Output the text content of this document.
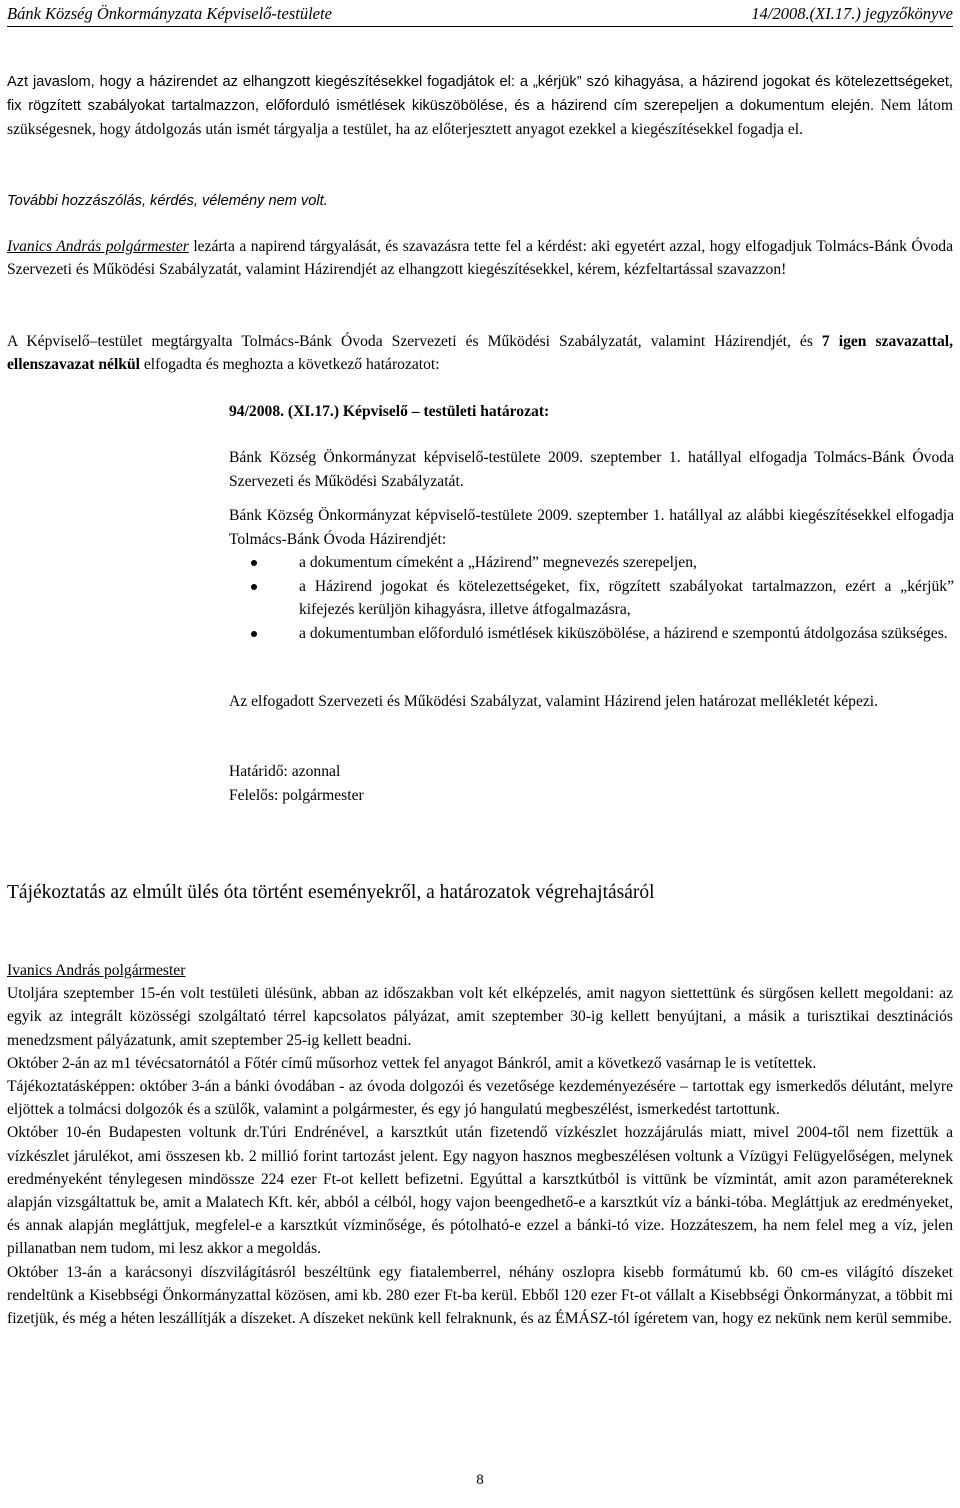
Bánk Község Önkormányzata Képviselő-testülete	14/2008.(XI.17.) jegyzőkönyve
Azt javaslom, hogy a házirendet az elhangzott kiegészítésekkel fogadjátok el: a „kérjük” szó kihagyása, a házirend jogokat és kötelezettségeket, fix rögzített szabályokat tartalmazzon, előforduló ismétlések kiküszöbölése, és a házirend cím szerepeljen a dokumentum elején. Nem látom szükségesnek, hogy átdolgozás után ismét tárgyalja a testület, ha az előterjesztett anyagot ezekkel a kiegészítésekkel fogadja el.
További hozzászólás, kérdés, vélemény nem volt.
Ivanics András polgármester lezárta a napirend tárgyalását, és szavazásra tette fel a kérdést: aki egyetért azzal, hogy elfogadjuk Tolmács-Bánk Óvoda Szervezeti és Működési Szabályzatát, valamint Házirendjét az elhangzott kiegészítésekkel, kérem, kézfeltartással szavazzon!
A Képviselő–testület megtárgyalta Tolmács-Bánk Óvoda Szervezeti és Működési Szabályzatát, valamint Házirendjét, és 7 igen szavazattal, ellenszavazat nélkül elfogadta és meghozta a következő határozatot:
94/2008. (XI.17.) Képviselő – testületi határozat:
Bánk Község Önkormányzat képviselő-testülete 2009. szeptember 1. hatállyal elfogadja Tolmács-Bánk Óvoda Szervezeti és Működési Szabályzatát.
Bánk Község Önkormányzat képviselő-testülete 2009. szeptember 1. hatállyal az alábbi kiegészítésekkel elfogadja Tolmács-Bánk Óvoda Házirendjét:
a dokumentum címeként a „Házirend” megnevezés szerepeljen,
a Házirend jogokat és kötelezettségeket, fix, rögzített szabályokat tartalmazzon, ezért a „kérjük” kifejezés kerüljön kihagyásra, illetve átfogalmazásra,
a dokumentumban előforduló ismétlések kiküszöbölése, a házirend e szempontú átdolgozása szükséges.
Az elfogadott Szervezeti és Működési Szabályzat, valamint Házirend jelen határozat mellékletét képezi.
Határidő: azonnal
Felelős: polgármester
Tájékoztatás az elmúlt ülés óta történt eseményekről, a határozatok végrehajtásáról

Ivanics András polgármester

Utoljára szeptember 15-én volt testületi ülésünk, abban az időszakban volt két elképzelés, amit nagyon siettettünk és sürgősen kellett megoldani: az egyik az integrált közösségi szolgáltató térrel kapcsolatos pályázat, amit szeptember 30-ig kellett benyújtani, a másik a turisztikai desztinációs menedzsment pályázatunk, amit szeptember 25-ig kellett beadni.

Október 2-án az m1 tévécsatornától a Főtér című műsorhoz vettek fel anyagot Bánkról, amit a következő vasárnap le is vetítettek.

Tájékoztatásképpen: október 3-án a bánki óvodában - az óvoda dolgozói és vezetősége kezdeményezésére – tartottak egy ismerkedős délutánt, melyre eljöttek a tolmácsi dolgozók és a szülők, valamint a polgármester, és egy jó hangulatú megbeszélést, ismerkedést tartottunk.

Október 10-én Budapesten voltunk dr.Túri Endrénével, a karsztkút után fizetendő vízkészlet hozzájárulás miatt, mivel 2004-től nem fizettük a vízkészlet járulékot, ami összesen kb. 2 millió forint tartozást jelent. Egy nagyon hasznos megbeszélésen voltunk a Vízügyi Felügyelőségen, melynek eredményeként ténylegesen mindössze 224 ezer Ft-ot kellett befizetni. Egyúttal a karsztkútból is vittünk be vízmintát, amit azon paramétereknek alapján vizsgáltattuk be, amit a Malatech Kft. kér, abból a célból, hogy vajon beengedhető-e a karsztkút víz a bánki-tóba. Megláttjuk az eredményeket, és annak alapján megláttjuk, megfelel-e a karsztkút vízminősége, és pótolható-e ezzel a bánki-tó vize. Hozzáteszem, ha nem felel meg a víz, jelen pillanatban nem tudom, mi lesz akkor a megoldás.

Október 13-án a karácsonyi díszvilágításról beszéltünk egy fiatalemberrel, néhány oszlopra kisebb formátumú kb. 60 cm-es világító díszeket rendeltünk a Kisebbségi Önkormányzattal közösen, ami kb. 280 ezer Ft-ba kerül. Ebből 120 ezer Ft-ot vállalt a Kisebbségi Önkormányzat, a többit mi fizetjük, és még a héten leszállítják a díszeket. A díszeket nekünk kell felraknunk, és az ÉMÁSZ-tól ígéretem van, hogy ez nekünk nem kerül semmibe.

8
